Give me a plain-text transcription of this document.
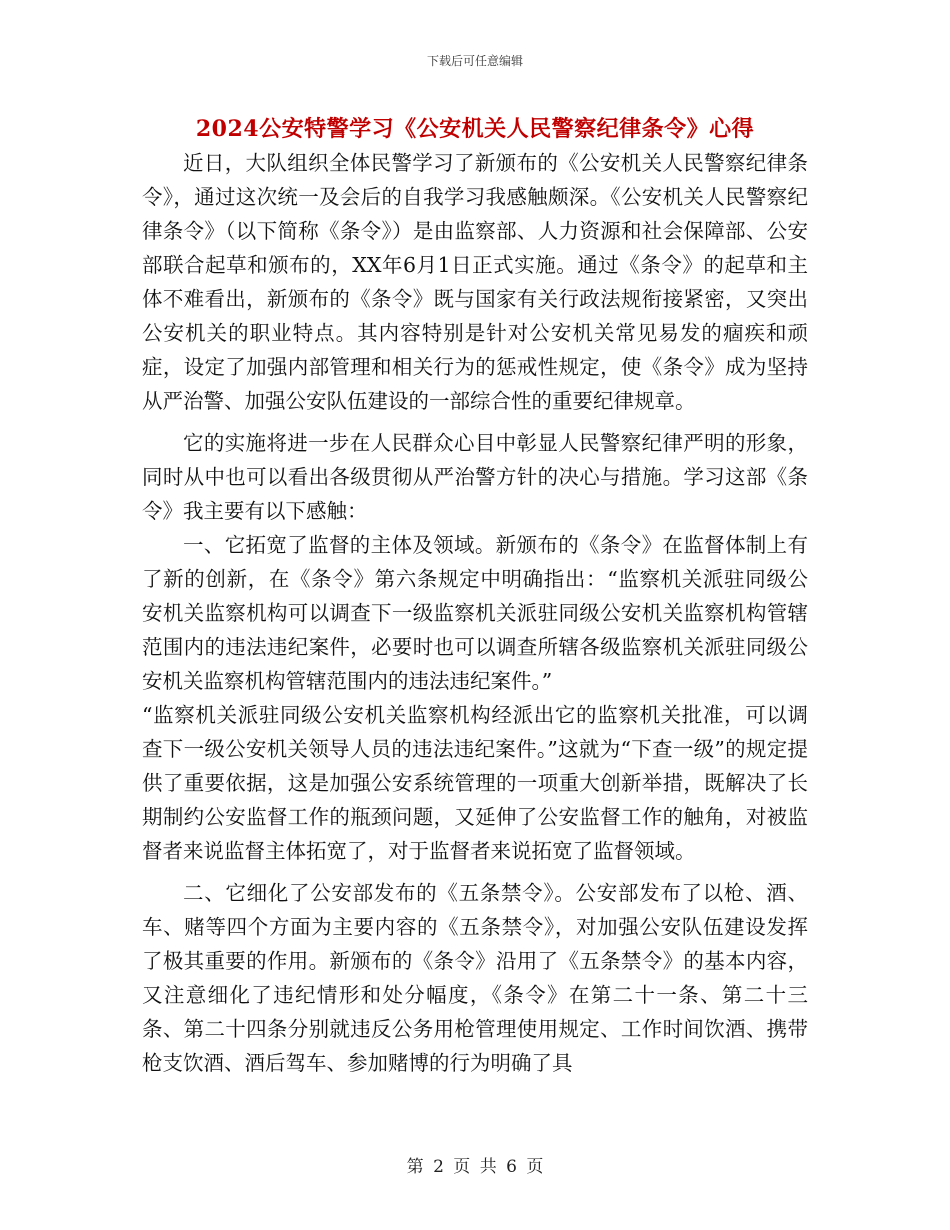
下载后可任意编辑
2024公安特警学习《公安机关人民警察纪律条令》心得

近日，大队组织全体民警学习了新颁布的《公安机关人民警察纪律条令》，通过这次统一及会后的自我学习我感触颇深。《公安机关人民警察纪律条令》（以下简称《条令》）是由监察部、人力资源和社会保障部、公安部联合起草和颁布的，XX年6月1日正式实施。通过《条令》的起草和主体不难看出，新颁布的《条令》既与国家有关行政法规衔接紧密，又突出公安机关的职业特点。其内容特别是针对公安机关常见易发的痼疾和顽症，设定了加强内部管理和相关行为的惩戒性规定，使《条令》成为坚持从严治警、加强公安队伍建设的一部综合性的重要纪律规章。

它的实施将进一步在人民群众心目中彰显人民警察纪律严明的形象，同时从中也可以看出各级贯彻从严治警方针的决心与措施。学习这部《条令》我主要有以下感触：

一、它拓宽了监督的主体及领域。新颁布的《条令》在监督体制上有了新的创新，在《条令》第六条规定中明确指出：“监察机关派驻同级公安机关监察机构可以调查下一级监察机关派驻同级公安机关监察机构管辖范围内的违法违纪案件，必要时也可以调查所辖各级监察机关派驻同级公安机关监察机构管辖范围内的违法违纪案件。”

“监察机关派驻同级公安机关监察机构经派出它的监察机关批准，可以调查下一级公安机关领导人员的违法违纪案件。”这就为“下查一级”的规定提供了重要依据，这是加强公安系统管理的一项重大创新举措，既解决了长期制约公安监督工作的瓶颈问题，又延伸了公安监督工作的触角，对被监督者来说监督主体拓宽了，对于监督者来说拓宽了监督领域。

二、它细化了公安部发布的《五条禁令》。公安部发布了以枪、酒、车、赌等四个方面为主要内容的《五条禁令》，对加强公安队伍建设发挥了极其重要的作用。新颁布的《条令》沿用了《五条禁令》的基本内容，又注意细化了违纪情形和处分幅度，《条令》在第二十一条、第二十三条、第二十四条分别就违反公务用枪管理使用规定、工作时间饮酒、携带枪支饮酒、酒后驾车、参加赌博的行为明确了具

第 2 页 共 6 页
